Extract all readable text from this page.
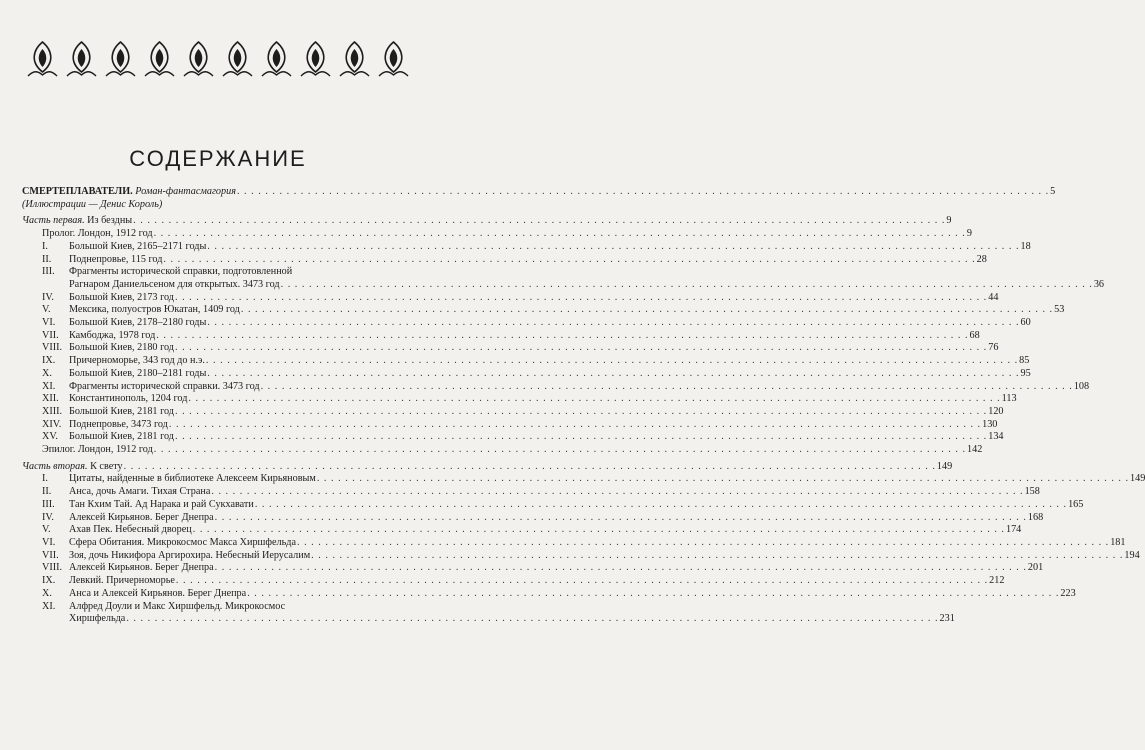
СОДЕРЖАНИЕ
СМЕРТЕПЛАВАТЕЛИ. Роман-фантасмагория . . .	5
(Иллюстрации — Денис Король)
Часть первая. Из бездны . . .	9
Пролог. Лондон, 1912 год . . .	9
I.	Большой Киев, 2165–2171 годы . . .	18
II.	Поднепровье, 115 год . . .	28
III.	Фрагменты исторической справки, подготовленной
Рагнаром Даниельсеном для открытых. 3473 год . . .	36
IV.	Большой Киев, 2173 год . . .	44
V.	Мексика, полуостров Юкатан, 1409 год . . .	53
VI.	Большой Киев, 2178–2180 годы . . .	60
VII.	Камбоджа, 1978 год . . .	68
VIII. Большой Киев, 2180 год . . .	76
IX.	Причерноморье, 343 год до н.э. . . .	85
X.	Большой Киев, 2180–2181 годы . . .	95
XI.	Фрагменты исторической справки. 3473 год . . .	108
XII.	Константинополь, 1204 год . . .	113
XIII. Большой Киев, 2181 год . . .	120
XIV. Поднепровье, 3473 год . . .	130
XV.	Большой Киев, 2181 год . . .	134
Эпилог. Лондон, 1912 год . . .	142
Часть вторая. К свету . . .	149
I.	Цитаты, найденные в библиотеке Алексеем Кирьяновым . . .	149
II.	Анса, дочь Амаги. Тихая Страна . . .	158
III.	Тан Кхим Тай. Ад Нарака и рай Сукхавати . . .	165
IV.	Алексей Кирьянов. Берег Днепра . . .	168
V.	Ахав Пек. Небесный дворец . . .	174
VI.	Сфера Обитания. Микрокосмос Макса Хиршфельда . . .	181
VII.	Зоя, дочь Никифора Аргирохира. Небесный Иерусалим . . .	194
VIII. Алексей Кирьянов. Берег Днепра . . .	201
IX.	Левкий. Причерноморье . . .	212
X.	Анса и Алексей Кирьянов. Берег Днепра . . .	223
XI.	Алфред Доули и Макс Хиршфельд. Микрокосмос
Хиршфельда . . .	231
